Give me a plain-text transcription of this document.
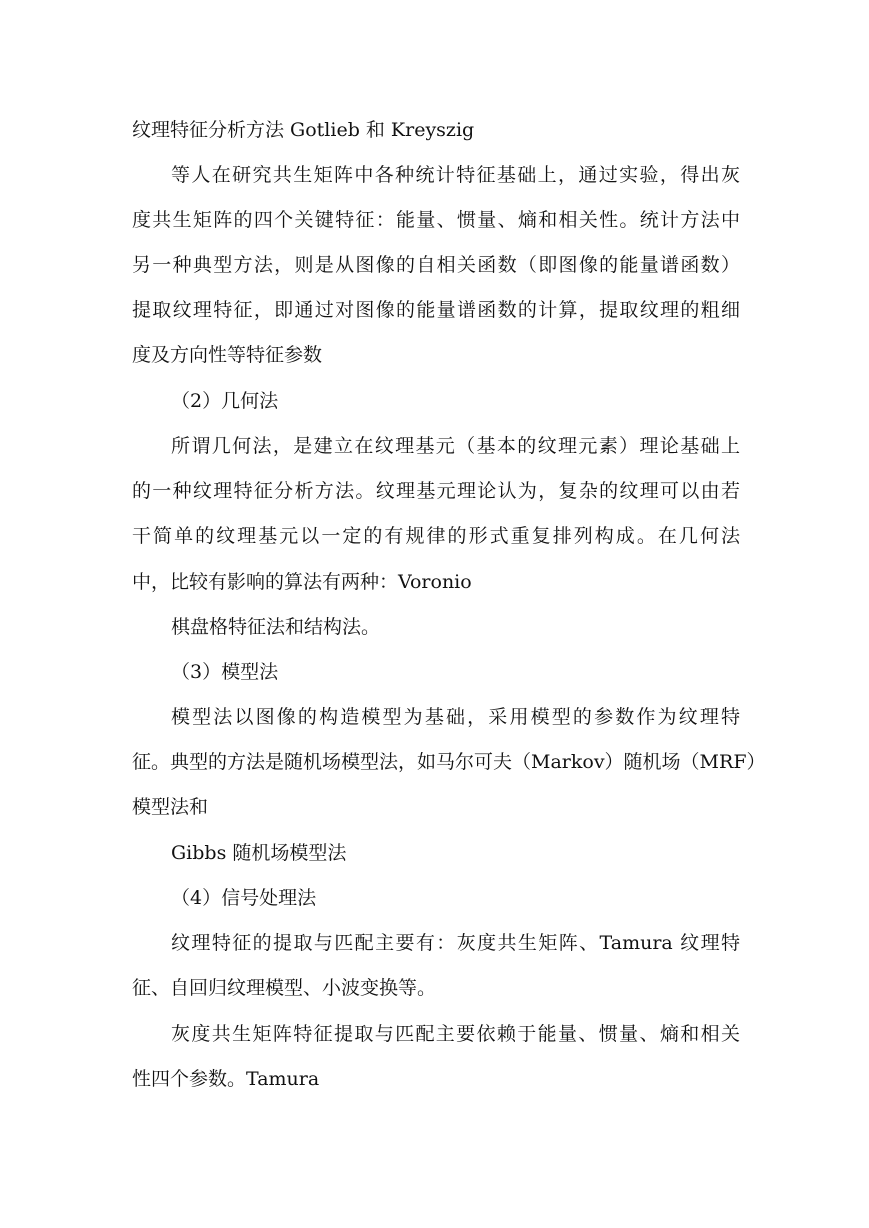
纹理特征分析方法 Gotlieb 和 Kreyszig

等人在研究共生矩阵中各种统计特征基础上，通过实验，得出灰

度共生矩阵的四个关键特征：能量、惯量、熵和相关性。统计方法中

另一种典型方法，则是从图像的自相关函数（即图像的能量谱函数）

提取纹理特征，即通过对图像的能量谱函数的计算，提取纹理的粗细

度及方向性等特征参数

（2）几何法

所谓几何法，是建立在纹理基元（基本的纹理元素）理论基础上

的一种纹理特征分析方法。纹理基元理论认为，复杂的纹理可以由若

干简单的纹理基元以一定的有规律的形式重复排列构成。在几何法

中，比较有影响的算法有两种：Voronio

棋盘格特征法和结构法。

（3）模型法

模型法以图像的构造模型为基础，采用模型的参数作为纹理特

征。典型的方法是随机场模型法，如马尔可夫（Markov）随机场（MRF）

模型法和

Gibbs 随机场模型法

（4）信号处理法

纹理特征的提取与匹配主要有：灰度共生矩阵、Tamura 纹理特

征、自回归纹理模型、小波变换等。

灰度共生矩阵特征提取与匹配主要依赖于能量、惯量、熵和相关

性四个参数。Tamura
